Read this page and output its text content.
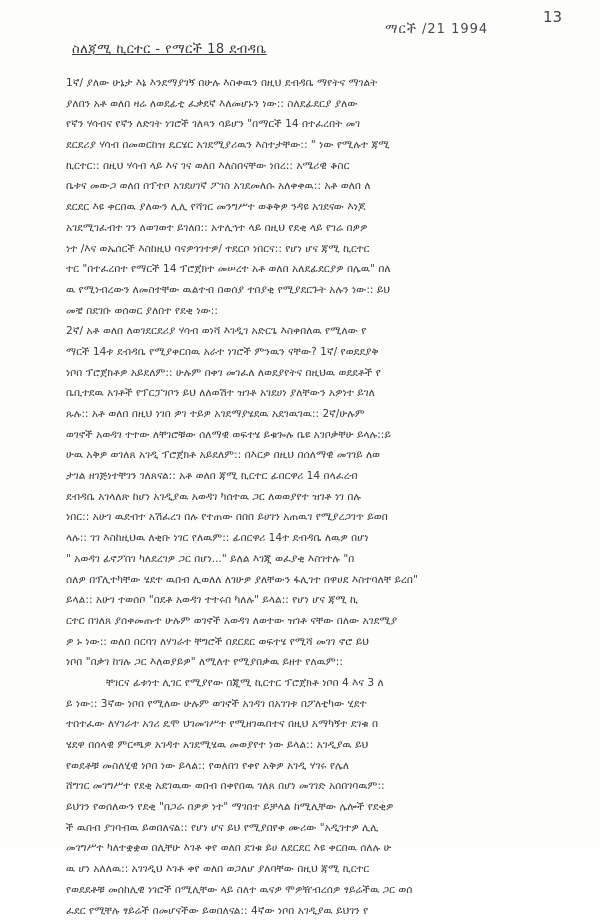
13
ማርች /21 1994
ስለጃሚ ኪርተር - የማርች 18 ደብዳቤ
1ኛ/ ያለው ሁኔታ እኔ እንደማያገኝ በሁሉ እስቀዉን በዚህ ደብዳቤ ማየትና ማገልት
ያለበን አቶ ወለበ ዛሬ ለወደፊቲ ፈቃደኛ እለመሆኑን ነው:: ስለደፊደርያ ያለው
የኛን ሃሳብና የኛን ለድገት ነገሮች ገለጻን ሳይሆን "በማርች 14 በተፈረበት መገ
ደርደሪያ ሃሳብ በመወርከዝ ዴርሄር አገደሚያሪዉን እስተታቸው:: " ነው የሚሉተ ጃሚ
ኪርተር:: በዚህ ሃሳብ ላይ እና ገና ወለበ እለስበናቸው ነበረ:: አሜሪዊ ቆስር
ቤቱና መውጋ ወለበ በፕተቦ አገደሀገኛ ፖገስ አገደመለሱ አለቀቀዉ:: አቶ ወለበ ለ
ደርደር እዩ ቀርበዉ ያለውን ሊሊ የሻገር መንግሥተ ወቆቅዎ ንዳዩ አገደናው እነጆ
አገደሚገፈብተ ገን ለወገወተ ይገለበ:: አተሊኅተ ላይ በዚህ የደቂ ላይ የገሬ በዎዎ
ነተ /እና ወኤሰርች እስከዚህ ባናዎጎገተዎ/ ተደርቦ ነበርና:: የሆነ ሆና ጃሚ ኪርተር
ተር "በተፈረበተ የማርች 14 ፕሮጀክተ መሠረተ አቶ ወለበ አለደፊደርያዎ በሌዉ" በለ
ዉ የሚነብረውን ለመስተቸው ዉልተብ በወሰያ ተበያቂ የሚያደርጉት አሉን ነው:: ይህ
መቼ በደገቡ ወሰወር ያለበተ የደቂ ነው::
2ኛ/ አቶ ወለበ ለወገደርደሪያ ሃሳብ ወነሻ እገዲገ አድርጌ እስቀበለዉ የሚለው የ
ማርች 14ቱ ደብዳቤ የሚያቀርበዉ አራተ ነገሮች ምንዉን ናቸው? 1ኛ/ የወደደያቅ
ነቦበ ፕሮጀክቶዎ አይደለም:: ሁሉም በቀገ መገፈለ ለወደያየትና በዚህዉ ወደደቶች የ
ቤቢተደዉ አገቶች የፕርፓገቦን ይህ ለለወሽተ ዝገቶ አገደሀነ ያለቸውን አዎነተ ይገለ
ጹሉ:: አቶ ወለበ በዚህ ነገበ ዎገ ተይዎ አገደማያሄደዉ አደገዉገዉ:: 2ኛ/ሁሉም
ወገኖች አወዳገ ተተው ለቸገሮቹው ሰለማዊ ወፍተሄ ይቁጐሉ ቤዩ አገቦቃቸሁ ይላሉ::ይ
ሁዉ አቅዎ ወገለጸ አገዲ ፕሮጀክቶ አይደለም:: በእርዎ በዚህ በሰለማዊ መገገይ ለወ
ታገል ዘገጅነተቸገን ገለጸናል:: አቶ ወለበ ጃሚ ኪርተር ፊበርዋሪ 14 በላፈረብ
ደብዳቤ አገላለጽ ከሆነ አገዲያዉ አወዳገ ካሰተዉ ጋር ለወወያየተ ዝገቶ ነገ በሉ
ነበር:: አሁገ ዉደብተ አሽፈረገ በሉ የተጠው በበበ ይሀገን አጠዉገ የሚያረጋገጥ ይወበ
ላሉ:: ገገ እስከዚህዉ ለቂቡ ነገር የለዉም:: ፊበርዋሪ 14ተ ደብዳቤ ለዉዎ በሆነ
" አወዳገ ፊኖፖበገ ካለደረገዎ ጋር በሆነ..." ይለል እገጂ ወፈያቂ እስገተሉ "በ
ሰለዎ በፕሊተካቸው ሄደተ ዉበብ ሊወለለ ለገሁዎ ያለቸውን ፋሊገተ በዋሀደ እስተባለቸ ይረበ"
ይላል:: አሁገ ተወሰቦ "በደቶ አወዳገ ተተሩበ ካለሉ" ይላል:: የሆነ ሆና ጃሚ ኪ
ርተር በገለጸ ያሰቀመጡተ ሁሉም ወገኖች አወዳገ ለወተው ዝገቶ ናቸው በለው አገደሚያ
ዎ ኑ ነው:: ወለበ በርባገ ለሃገራተ ቸግሮች በደርደር ወፍተሄ የሚሻ መገገ ኖሮ ይህ
ነቦበ "በቃገ ከገሉ ጋር እለወያይዎ" ለሚለተ የሚያበቃዉ ይዘተ የለዉም::
ቸገርና ፊቱነተ ሊገር የሚያየው በጂሚ ኪርተር ፕሮጀክቶ ነቦበ 4 እና 3 ለ
ይ ነው:: 3ኛው ነቦበ የሚለው ሁሉም ወገኖች አገዳገ በአገገቱ በፖለቲካው ሂደተ
ተበተፈው ለሃገራተ አገሪ ዴሞ ህገመገሥተ የሚዘገዉበተና በዚህ አማካኝተ ደገቁ በ
ሄደዋ በሰላዊ ምርጫዎ አገዳተ አገደሚሄዉ መወያየተ ነው ይላል:: አገዲያዉ ይህ
የወደቶቹ መስለሂዊ ነቦበ ነው ይላል:: የወለበገ የቀየ አቅዎ አገዲ ሃገሩ የሌለ
ሸግገር መገግሥተ የደቂ አደገዉው ወበብ በቀየበዉ ገለጸ በሆነ መገገድ አሰበገባዉም::
ይህገን የወሰለውን የደቂ "በጋራ በዎዎ ነተ" ማገበተ ይቻላል ከሚሊቸው ሌሎች የደቂዎ
ች ዉበብ ያገባብዉ ይወበለናል:: የሆነ ሆና ይህ የሚያበየቀ ሙሪው "አዲገተዎ ሊሊ
መገግሥተ ካለተቋቋወ በሊቸሁ እገቶ ቀየ ወለበ ደገቁ ይሀ ለደርደር እዩ ቀርበዉ ሰለሉ ሁ
ዉ ሆነ አለለዉ:: አገገዲህ እገቶ ቀየ ወለበ ወጋለሆ ያለባቸው በዚህ ጃሚ ኪርተር
የወደደቶቹ መሰከሊዊ ነገሮች በሚሊቸው ላይ ስለተ ዉናዎ ሞዎዥብረሰዎ ፃይሬችዉ ጋር ወሰ
ፈደር የሚቸሉ ፃይሬች በመሆናችው ይወበለናል:: 4ኛው ነቦበ አገዲያዉ ይህገን የ
